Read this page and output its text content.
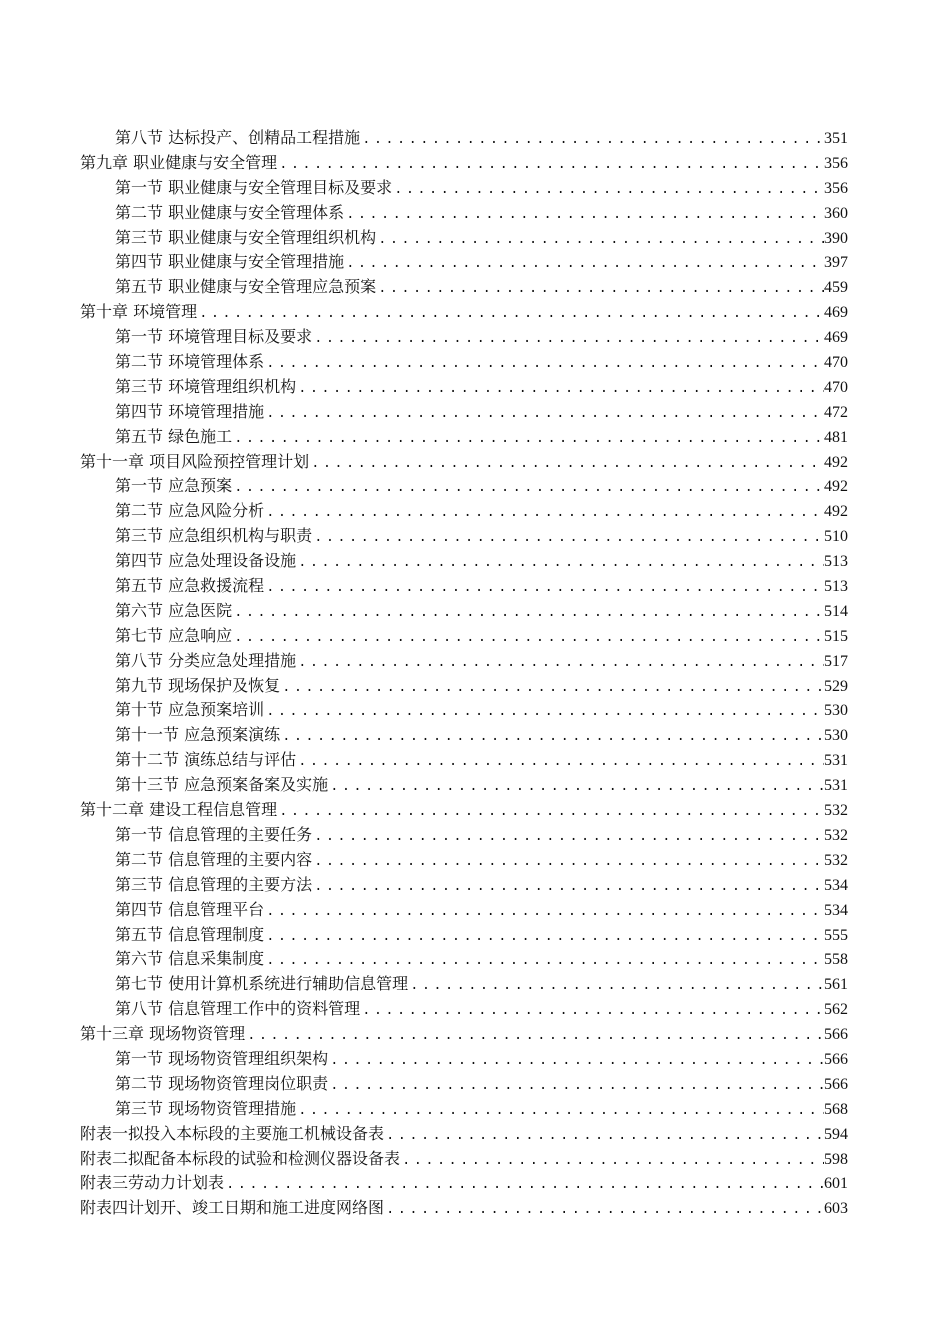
第八节 达标投产、创精品工程措施 .....	351
第九章 职业健康与安全管理 .....	356
第一节 职业健康与安全管理目标及要求 .....	356
第二节 职业健康与安全管理体系 .....	360
第三节 职业健康与安全管理组织机构 .....	390
第四节 职业健康与安全管理措施 .....	397
第五节 职业健康与安全管理应急预案 .....	459
第十章 环境管理 .....	469
第一节 环境管理目标及要求 .....	469
第二节 环境管理体系 .....	470
第三节 环境管理组织机构 .....	470
第四节 环境管理措施 .....	472
第五节 绿色施工 .....	481
第十一章 项目风险预控管理计划 .....	492
第一节 应急预案 .....	492
第二节 应急风险分析 .....	492
第三节 应急组织机构与职责 .....	510
第四节 应急处理设备设施 .....	513
第五节 应急救援流程 .....	513
第六节 应急医院 .....	514
第七节 应急响应 .....	515
第八节 分类应急处理措施 .....	517
第九节 现场保护及恢复 .....	529
第十节 应急预案培训 .....	530
第十一节 应急预案演练 .....	530
第十二节 演练总结与评估 .....	531
第十三节 应急预案备案及实施 .....	531
第十二章 建设工程信息管理 .....	532
第一节 信息管理的主要任务 .....	532
第二节 信息管理的主要内容 .....	532
第三节 信息管理的主要方法 .....	534
第四节 信息管理平台 .....	534
第五节 信息管理制度 .....	555
第六节 信息采集制度 .....	558
第七节 使用计算机系统进行辅助信息管理 .....	561
第八节 信息管理工作中的资料管理 .....	562
第十三章 现场物资管理 .....	566
第一节 现场物资管理组织架构 .....	566
第二节 现场物资管理岗位职责 .....	566
第三节 现场物资管理措施 .....	568
附表一拟投入本标段的主要施工机械设备表 .....	594
附表二拟配备本标段的试验和检测仪器设备表 .....	598
附表三劳动力计划表 .....	601
附表四计划开、竣工日期和施工进度网络图 .....	603
